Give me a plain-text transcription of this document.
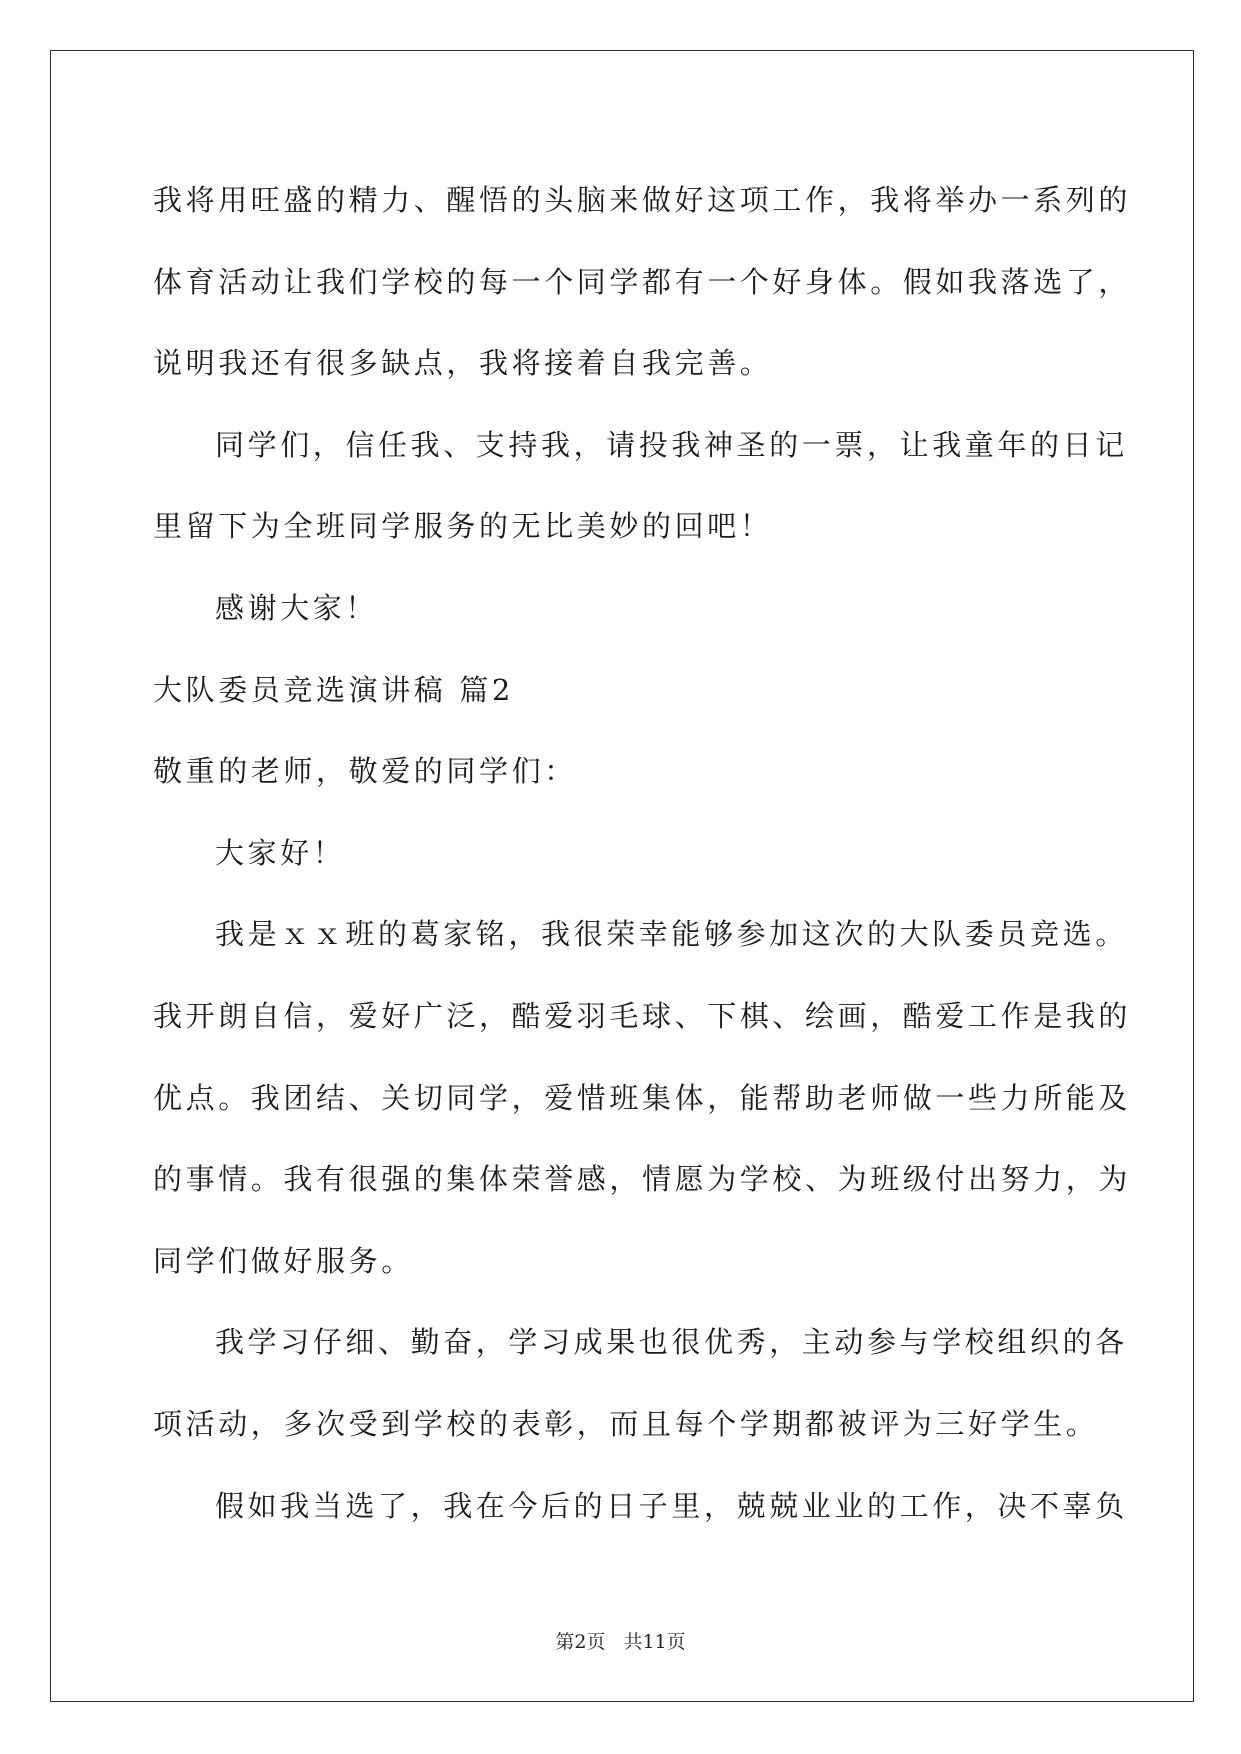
我将用旺盛的精力、醒悟的头脑来做好这项工作，我将举办一系列的
体育活动让我们学校的每一个同学都有一个好身体。假如我落选了，
说明我还有很多缺点，我将接着自我完善。
同学们，信任我、支持我，请投我神圣的一票，让我童年的日记
里留下为全班同学服务的无比美妙的回吧！
感谢大家！
大队委员竞选演讲稿 篇2
敬重的老师，敬爱的同学们：
大家好！
我是ｘｘ班的葛家铭，我很荣幸能够参加这次的大队委员竞选。
我开朗自信，爱好广泛，酷爱羽毛球、下棋、绘画，酷爱工作是我的
优点。我团结、关切同学，爱惜班集体，能帮助老师做一些力所能及
的事情。我有很强的集体荣誉感，情愿为学校、为班级付出努力，为
同学们做好服务。
我学习仔细、勤奋，学习成果也很优秀，主动参与学校组织的各
项活动，多次受到学校的表彰，而且每个学期都被评为三好学生。
假如我当选了，我在今后的日子里，兢兢业业的工作，决不辜负
第2页 共11页
